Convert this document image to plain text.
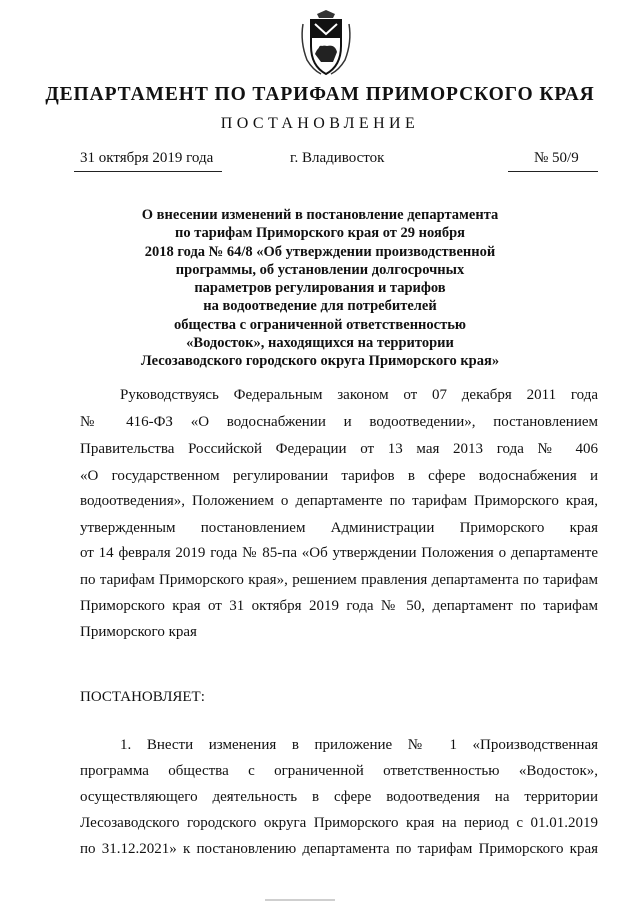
ДЕПАРТАМЕНТ ПО ТАРИФАМ ПРИМОРСКОГО КРАЯ
ПОСТАНОВЛЕНИЕ
31 октября 2019 года	г. Владивосток	№ 50/9
О внесении изменений в постановление департамента
по тарифам Приморского края от 29 ноября
2018 года № 64/8 «Об утверждении производственной
программы, об установлении долгосрочных
параметров регулирования и тарифов
на водоотведение для потребителей
общества с ограниченной ответственностью
«Водосток», находящихся на территории
Лесозаводского городского округа Приморского края»
Руководствуясь Федеральным законом от 07 декабря 2011 года
№ 416-ФЗ «О водоснабжении и водоотведении», постановлением
Правительства Российской Федерации от 13 мая 2013 года № 406
«О государственном регулировании тарифов в сфере водоснабжения и
водоотведения», Положением о департаменте по тарифам Приморского края,
утвержденным постановлением Администрации Приморского края
от 14 февраля 2019 года № 85-па «Об утверждении Положения о департаменте
по тарифам Приморского края», решением правления департамента по тарифам
Приморского края от 31 октября 2019 года № 50, департамент по тарифам
Приморского края
ПОСТАНОВЛЯЕТ:
1. Внести изменения в приложение № 1 «Производственная
программа общества с ограниченной ответственностью «Водосток»,
осуществляющего деятельность в сфере водоотведения на территории
Лесозаводского городского округа Приморского края на период с 01.01.2019
по 31.12.2021» к постановлению департамента по тарифам Приморского края
